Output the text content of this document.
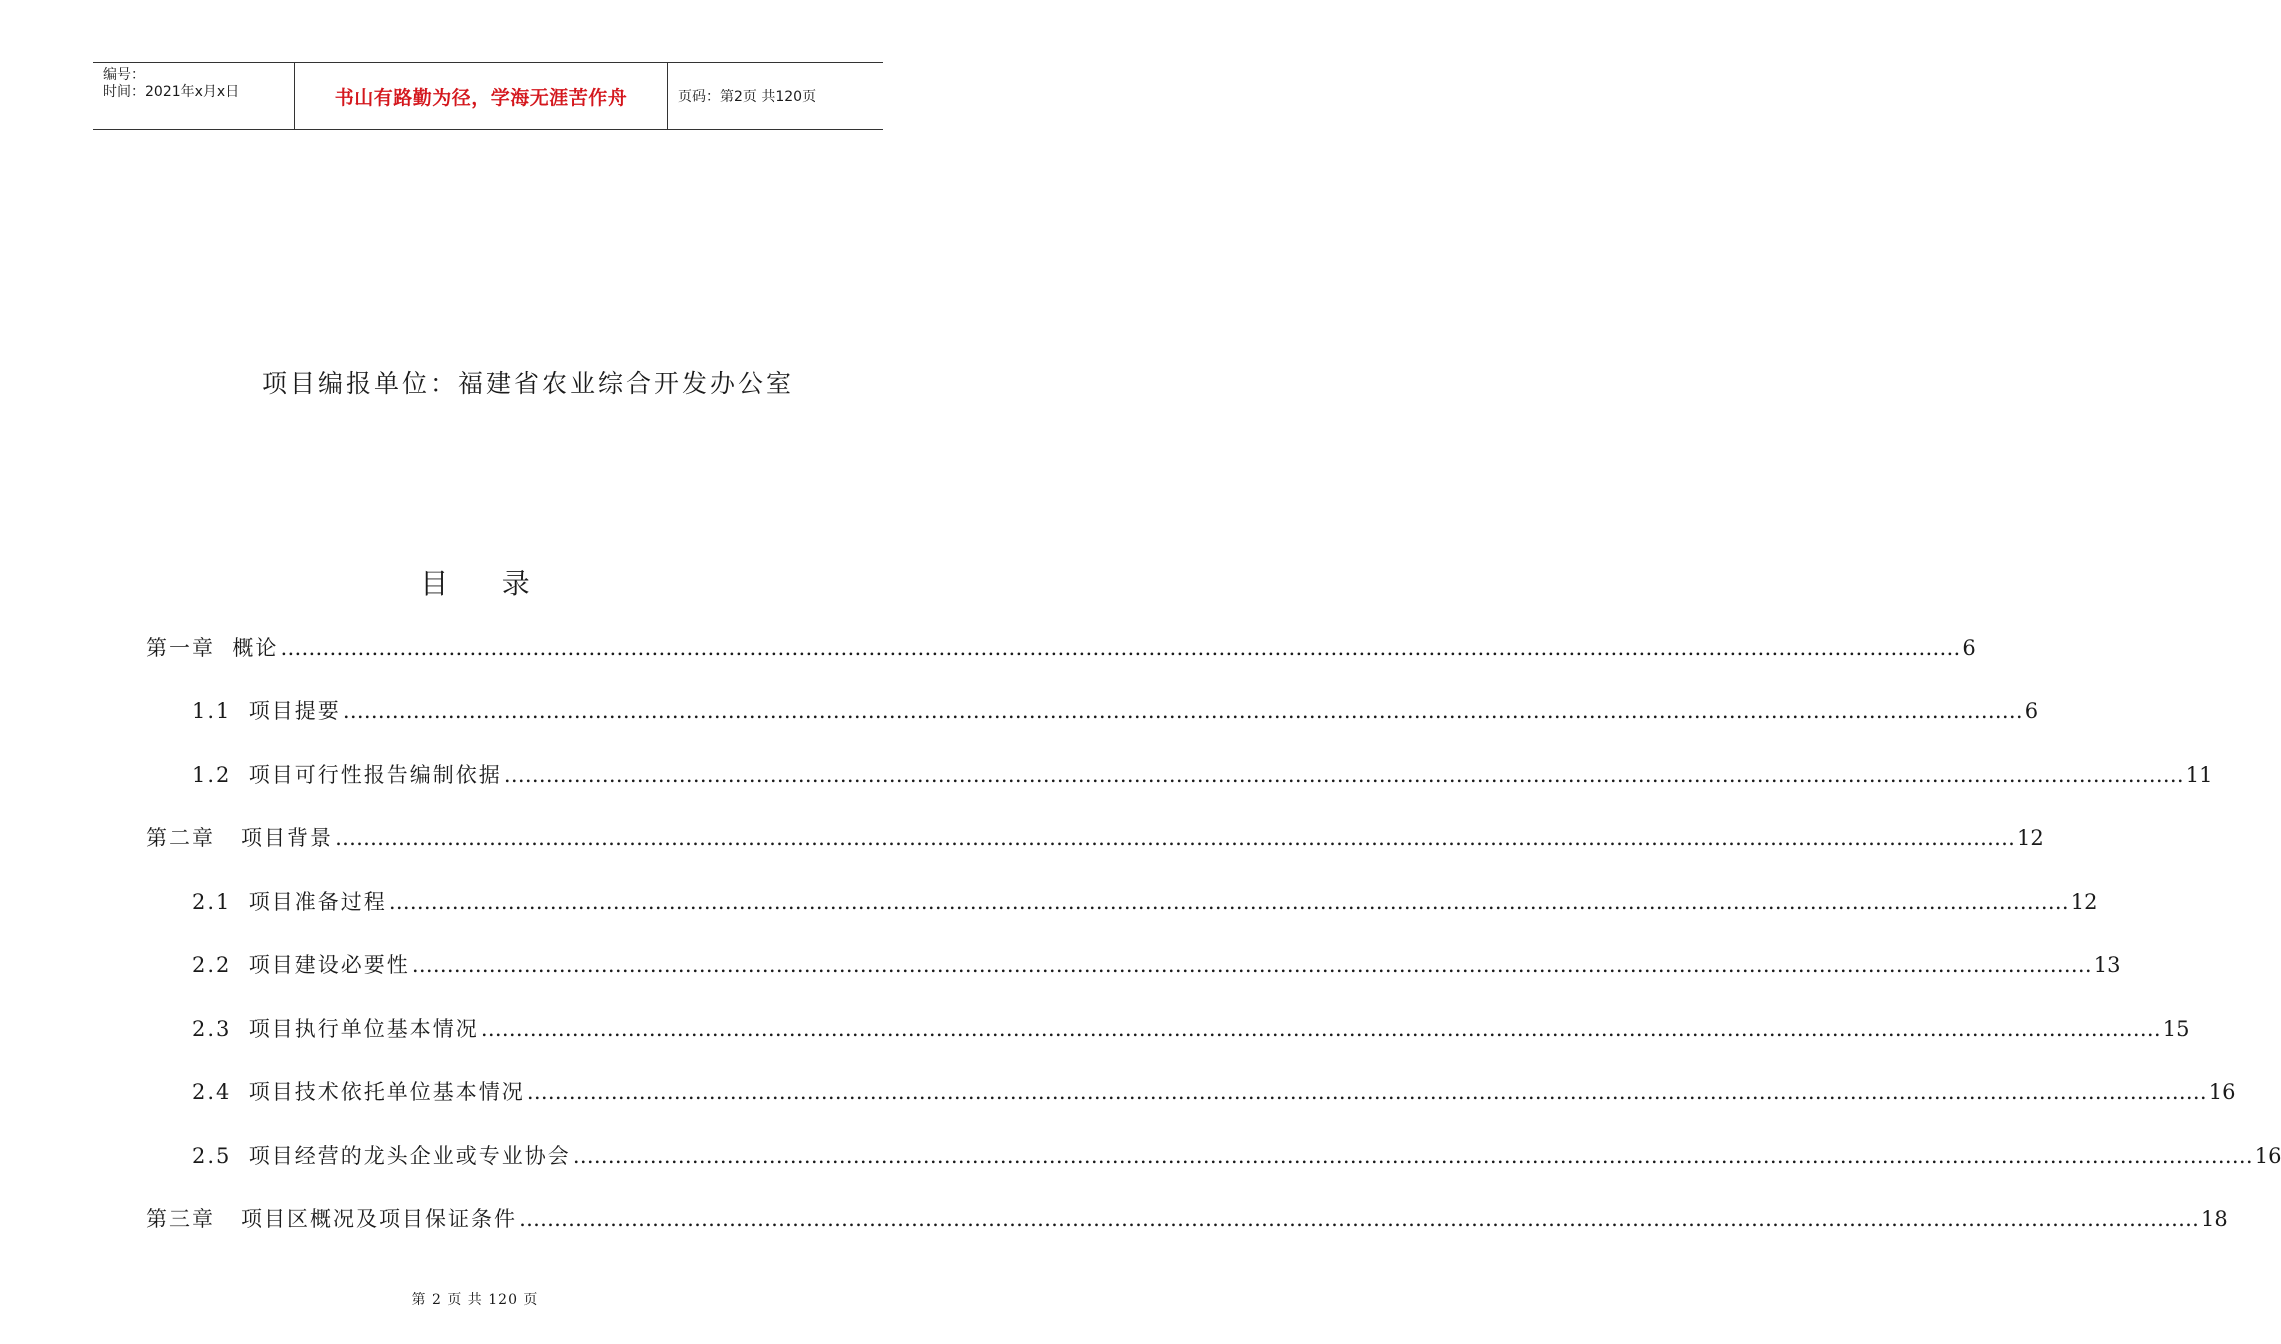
编号：
时间：2021年x月x日	书山有路勤为径，学海无涯苦作舟	页码：第2页 共120页
项目编报单位：福建省农业综合开发办公室
目      录
第一章  概论 …………………………………………………………………………………………………………………………………………………………………………………………………………………… 6
1.1  项目提要 …………………………………………………………………………………………………………………………………………………………………………………………………………………… 6
1.2  项目可行性报告编制依据 …………………………………………………………………………………………………………………………………………………………………………………………………………………… 11
第二章   项目背景 …………………………………………………………………………………………………………………………………………………………………………………………………………………… 12
2.1  项目准备过程 …………………………………………………………………………………………………………………………………………………………………………………………………………………… 12
2.2  项目建设必要性 …………………………………………………………………………………………………………………………………………………………………………………………………………………… 13
2.3  项目执行单位基本情况 …………………………………………………………………………………………………………………………………………………………………………………………………………………… 15
2.4  项目技术依托单位基本情况 …………………………………………………………………………………………………………………………………………………………………………………………………………………… 16
2.5  项目经营的龙头企业或专业协会 …………………………………………………………………………………………………………………………………………………………………………………………………………………… 16
第三章   项目区概况及项目保证条件 …………………………………………………………………………………………………………………………………………………………………………………………………………………… 18
第 2 页 共 120 页
